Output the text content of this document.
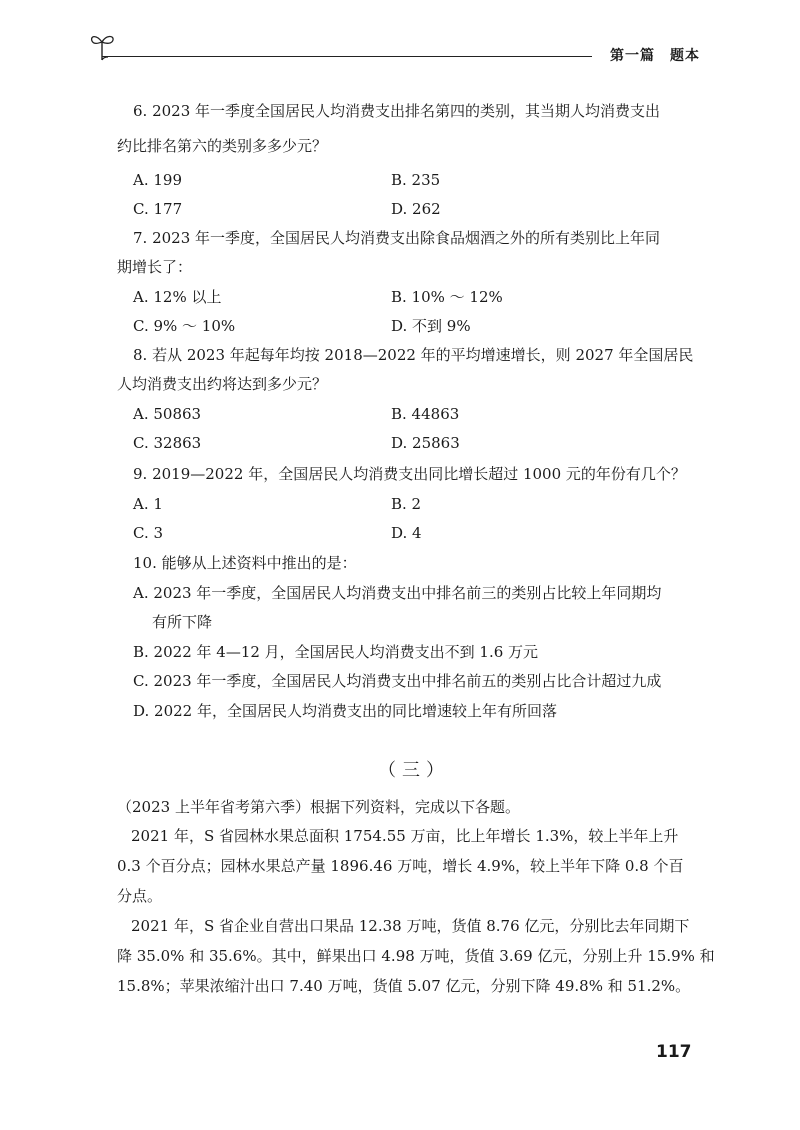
第一篇　题本
6. 2023 年一季度全国居民人均消费支出排名第四的类别，其当期人均消费支出
约比排名第六的类别多多少元？
A. 199	B. 235
C. 177	D. 262
7. 2023 年一季度，全国居民人均消费支出除食品烟酒之外的所有类别比上年同
期增长了：
A. 12% 以上	B. 10% ～ 12%
C. 9% ～ 10%	D. 不到 9%
8. 若从 2023 年起每年均按 2018—2022 年的平均增速增长，则 2027 年全国居民
人均消费支出约将达到多少元？
A. 50863	B. 44863
C. 32863	D. 25863
9. 2019—2022 年，全国居民人均消费支出同比增长超过 1000 元的年份有几个？
A. 1	B. 2
C. 3	D. 4
10. 能够从上述资料中推出的是：
A. 2023 年一季度，全国居民人均消费支出中排名前三的类别占比较上年同期均
有所下降
B. 2022 年 4—12 月，全国居民人均消费支出不到 1.6 万元
C. 2023 年一季度，全国居民人均消费支出中排名前五的类别占比合计超过九成
D. 2022 年，全国居民人均消费支出的同比增速较上年有所回落
（三）
（2023 上半年省考第六季）根据下列资料，完成以下各题。
2021 年，S 省园林水果总面积 1754.55 万亩，比上年增长 1.3%，较上半年上升
0.3 个百分点；园林水果总产量 1896.46 万吨，增长 4.9%，较上半年下降 0.8 个百
分点。
2021 年，S 省企业自营出口果品 12.38 万吨，货值 8.76 亿元，分别比去年同期下
降 35.0% 和 35.6%。其中，鲜果出口 4.98 万吨，货值 3.69 亿元，分别上升 15.9% 和
15.8%；苹果浓缩汁出口 7.40 万吨，货值 5.07 亿元，分别下降 49.8% 和 51.2%。
117
